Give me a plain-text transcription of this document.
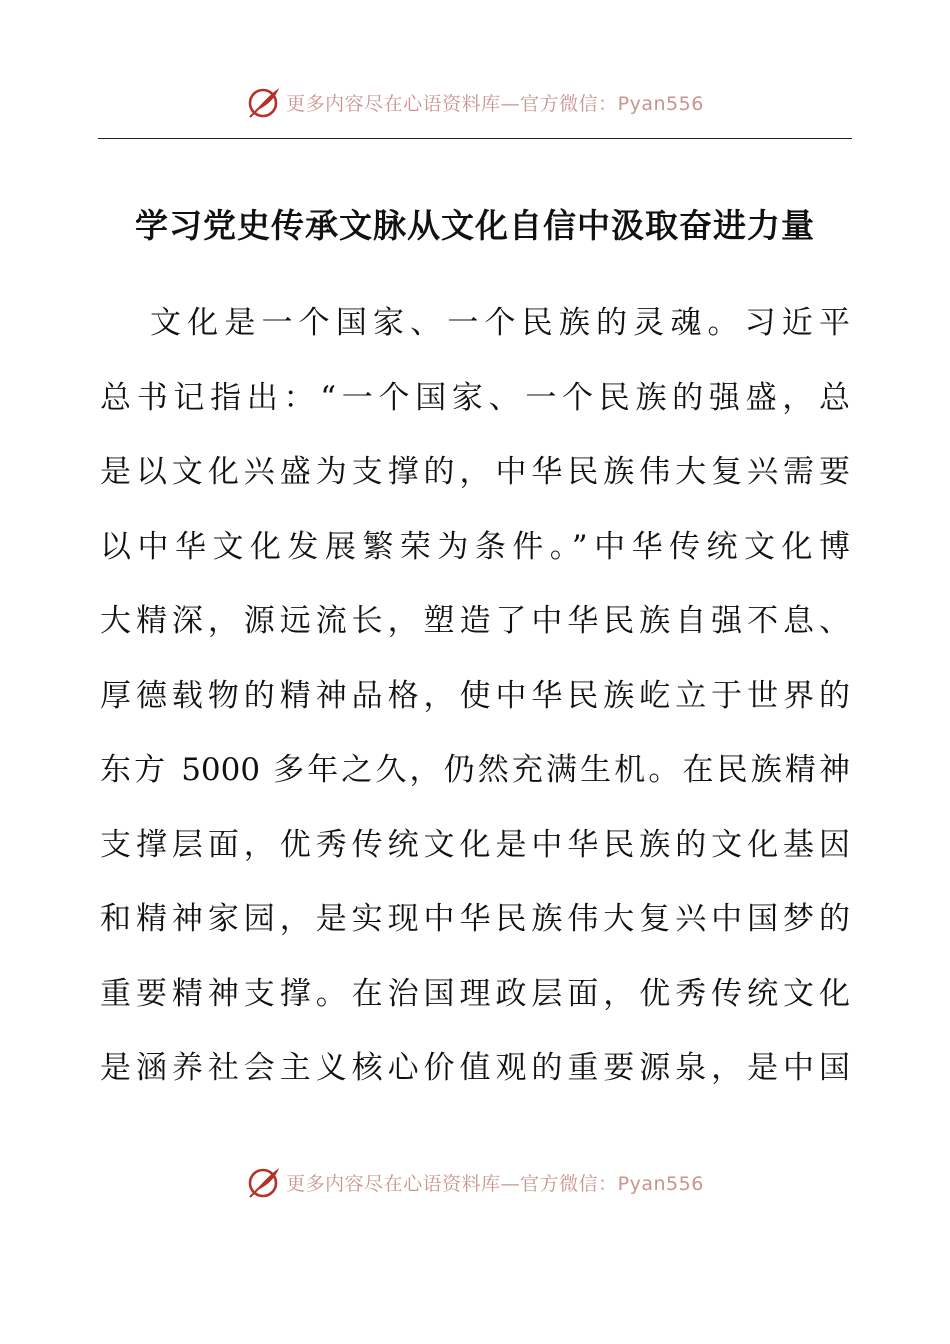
更多内容尽在心语资料库—官方微信：Pyan556
学习党史传承文脉从文化自信中汲取奋进力量
文化是一个国家、一个民族的灵魂。习近平
总书记指出：“一个国家、一个民族的强盛，总
是以文化兴盛为支撑的，中华民族伟大复兴需要
以中华文化发展繁荣为条件。”中华传统文化博
大精深，源远流长，塑造了中华民族自强不息、
厚德载物的精神品格，使中华民族屹立于世界的
东方 5000 多年之久，仍然充满生机。在民族精神
支撑层面，优秀传统文化是中华民族的文化基因
和精神家园，是实现中华民族伟大复兴中国梦的
重要精神支撑。在治国理政层面，优秀传统文化
是涵养社会主义核心价值观的重要源泉，是中国
更多内容尽在心语资料库—官方微信：Pyan556
